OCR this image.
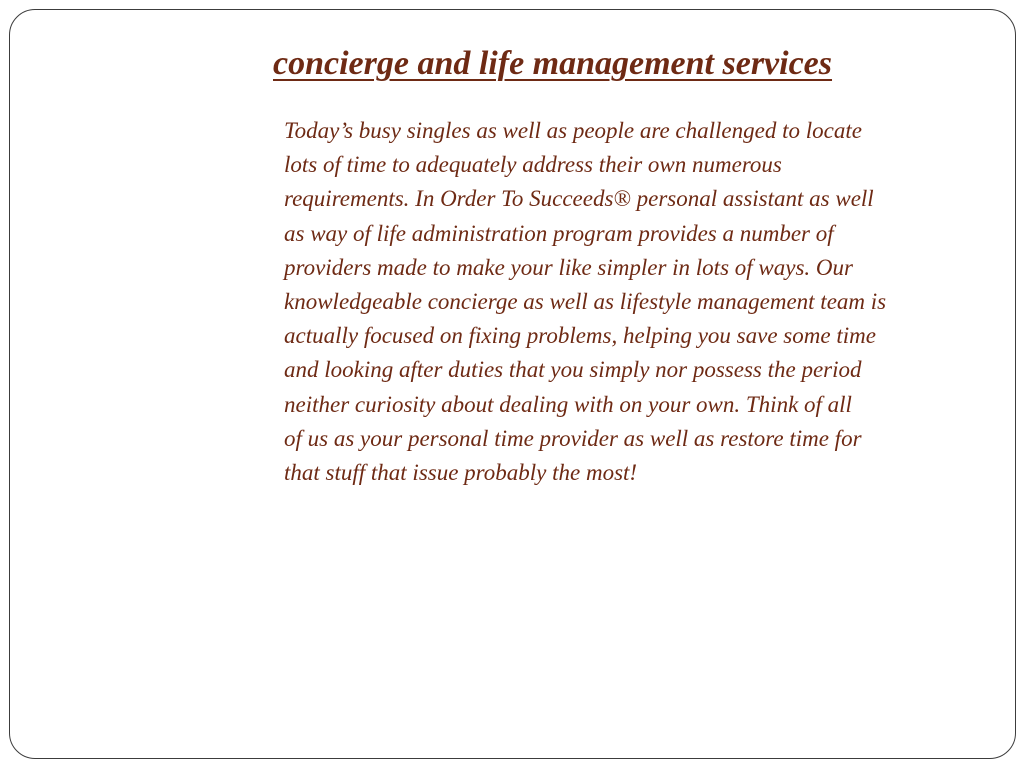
concierge and life management services
Today’s busy singles as well as people are challenged to locate
lots of time to adequately address their own numerous
requirements. In Order To Succeeds® personal assistant as well
as way of life administration program provides a number of
providers made to make your like simpler in lots of ways. Our
knowledgeable concierge as well as lifestyle management team is
actually focused on fixing problems, helping you save some time
and looking after duties that you simply nor possess the period
neither curiosity about dealing with on your own. Think of all
of us as your personal time provider as well as restore time for
that stuff that issue probably the most!
